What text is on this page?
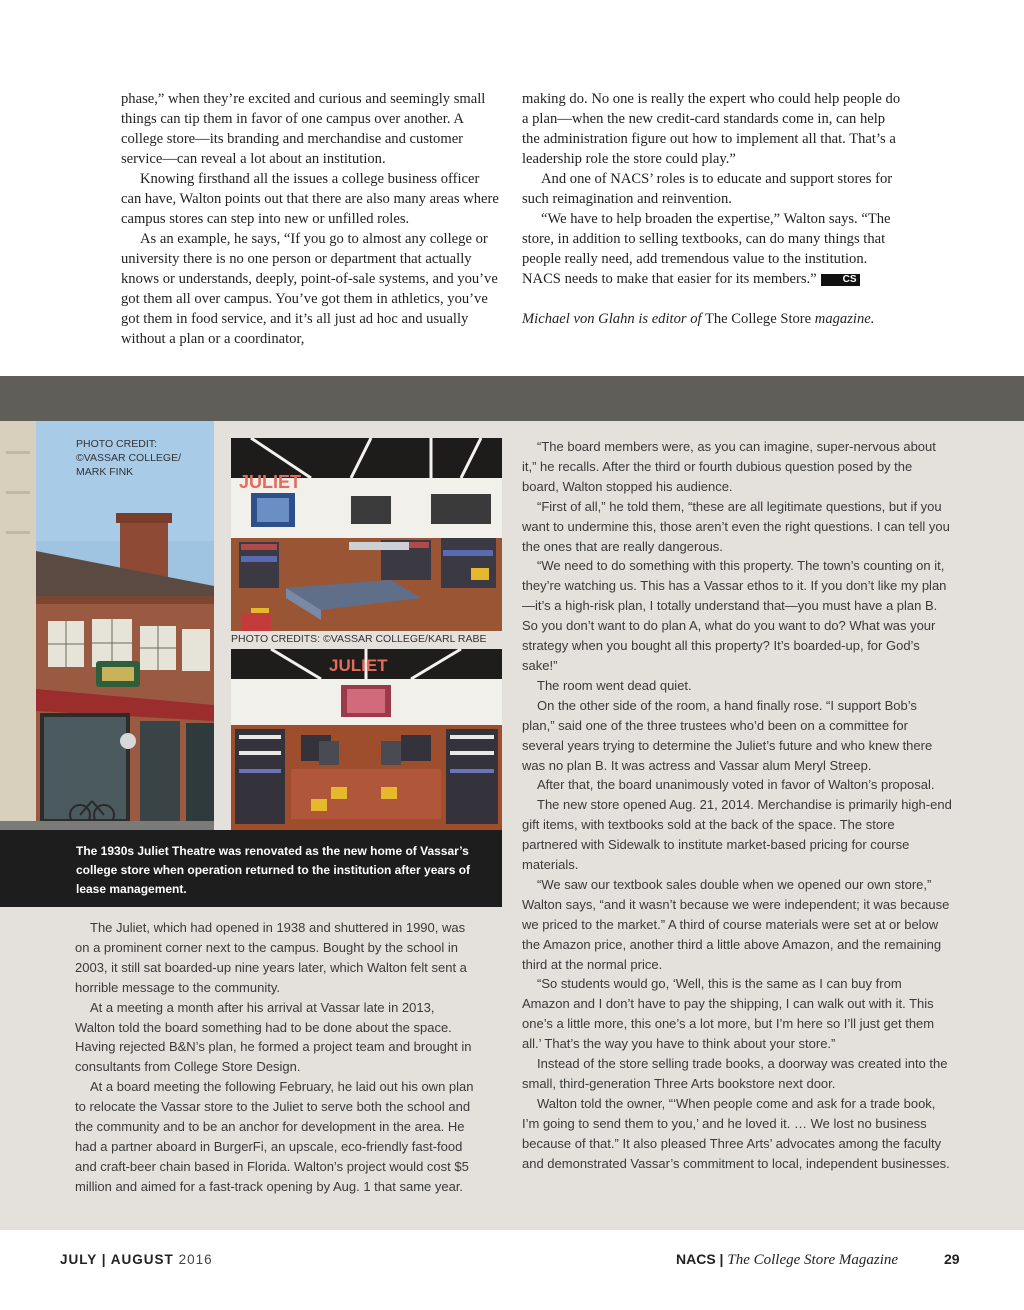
phase,” when they’re excited and curious and seemingly small things can tip them in favor of one campus over another. A college store—its branding and merchandise and customer service—can reveal a lot about an institution.

Knowing firsthand all the issues a college business officer can have, Walton points out that there are also many areas where campus stores can step into new or unfilled roles.

As an example, he says, “If you go to almost any college or university there is no one person or department that actually knows or understands, deeply, point-of-sale systems, and you’ve got them all over campus. You’ve got them in athletics, you’ve got them in food service, and it’s all just ad hoc and usually without a plan or a coordinator,

making do. No one is really the expert who could help people do a plan—when the new credit-card standards come in, can help the administration figure out how to implement all that. That’s a leadership role the store could play.”

And one of NACS’ roles is to educate and support stores for such reimagination and reinvention.

“We have to help broaden the expertise,” Walton says. “The store, in addition to selling textbooks, can do many things that people really need, add tremendous value to the institution. NACS needs to make that easier for its members.”	CS

Michael von Glahn is editor of The College Store magazine.

PHOTO CREDIT: ©VASSAR COLLEGE/ MARK FINK	JULIET
PHOTO CREDITS: ©VASSAR COLLEGE/KARL RABE
JULIET

The 1930s Juliet Theatre was renovated as the new home of Vassar’s college store when operation returned to the institution after years of lease management.

The Juliet, which had opened in 1938 and shuttered in 1990, was on a prominent corner next to the campus. Bought by the school in 2003, it still sat boarded-up nine years later, which Walton felt sent a horrible message to the community.

At a meeting a month after his arrival at Vassar late in 2013, Walton told the board something had to be done about the space. Having rejected B&N’s plan, he formed a project team and brought in consultants from College Store Design.

At a board meeting the following February, he laid out his own plan to relocate the Vassar store to the Juliet to serve both the school and the community and to be an anchor for development in the area. He had a partner aboard in BurgerFi, an upscale, eco-friendly fast-food and craft-beer chain based in Florida. Walton’s project would cost $5 million and aimed for a fast-track opening by Aug. 1 that same year.

“The board members were, as you can imagine, super-nervous about it,” he recalls. After the third or fourth dubious question posed by the board, Walton stopped his audience.

“First of all,” he told them, “these are all legitimate questions, but if you want to undermine this, those aren’t even the right questions. I can tell you the ones that are really dangerous.

“We need to do something with this property. The town’s counting on it, they’re watching us. This has a Vassar ethos to it. If you don’t like my plan—it’s a high-risk plan, I totally understand that—you must have a plan B. So you don’t want to do plan A, what do you want to do? What was your strategy when you bought all this property? It’s boarded-up, for God’s sake!”

The room went dead quiet.

On the other side of the room, a hand finally rose. “I support Bob’s plan,” said one of the three trustees who’d been on a committee for several years trying to determine the Juliet’s future and who knew there was no plan B. It was actress and Vassar alum Meryl Streep.

After that, the board unanimously voted in favor of Walton’s proposal.

The new store opened Aug. 21, 2014. Merchandise is primarily high-end gift items, with textbooks sold at the back of the space. The store partnered with Sidewalk to institute market-based pricing for course materials.

“We saw our textbook sales double when we opened our own store,” Walton says, “and it wasn’t because we were independent; it was because we priced to the market.” A third of course materials were set at or below the Amazon price, another third a little above Amazon, and the remaining third at the normal price.

“So students would go, ‘Well, this is the same as I can buy from Amazon and I don’t have to pay the shipping, I can walk out with it. This one’s a little more, this one’s a lot more, but I’m here so I’ll just get them all.’ That’s the way you have to think about your store.”

Instead of the store selling trade books, a doorway was created into the small, third-generation Three Arts bookstore next door.

Walton told the owner, “‘When people come and ask for a trade book, I’m going to send them to you,’ and he loved it. … We lost no business because of that.” It also pleased Three Arts’ advocates among the faculty and demonstrated Vassar’s commitment to local, independent businesses.

JULY | AUGUST 2016	NACS | The College Store Magazine	29
